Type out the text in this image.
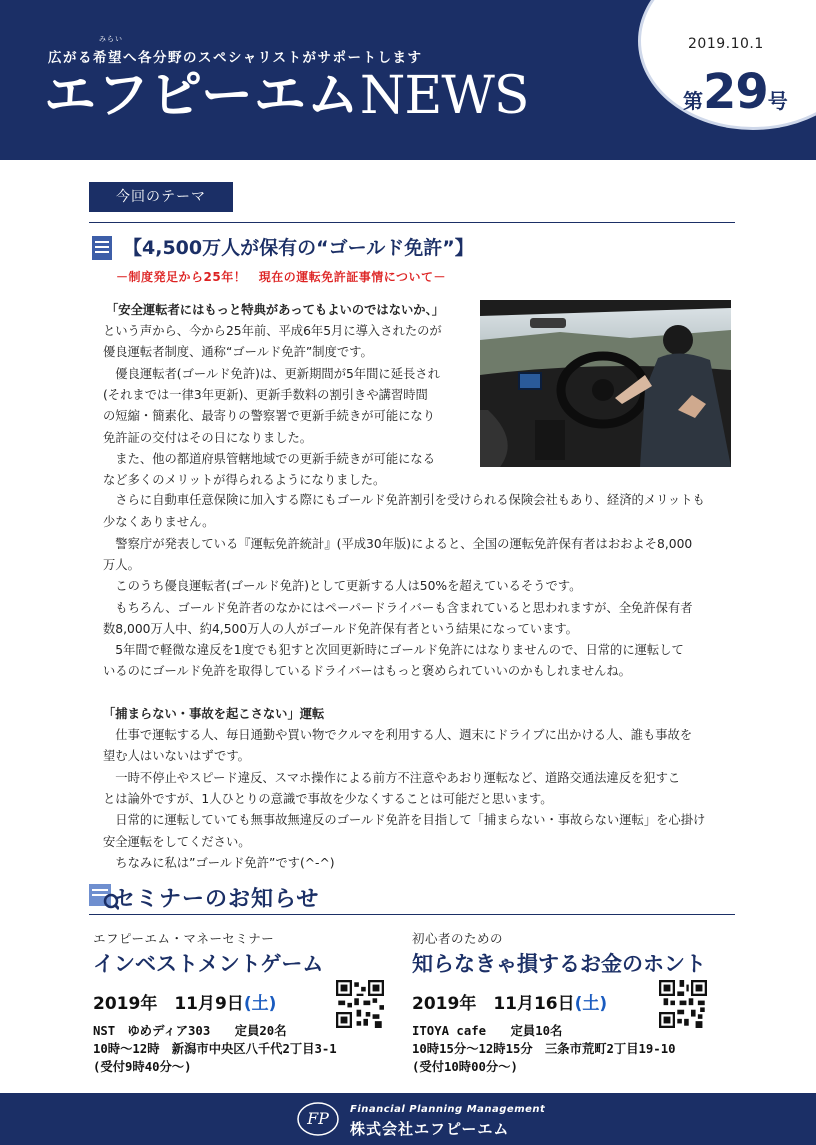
みらい
広がる希望へ各分野のスペシャリストがサポートします
エフピーエムNEWS
2019.10.1
第29号
今回のテーマ
【4,500万人が保有の“ゴールド免許”】
－制度発足から25年！　現在の運転免許証事情について－
「安全運転者にはもっと特典があってもよいのではないか、」
という声から、今から25年前、平成6年5月に導入されたのが
優良運転者制度、通称“ゴールド免許”制度です。
　優良運転者(ゴールド免許)は、更新期間が5年間に延長され
(それまでは一律3年更新)、更新手数料の割引きや講習時間
の短縮・簡素化、最寄りの警察署で更新手続きが可能になり
免許証の交付はその日になりました。
　また、他の都道府県管轄地域での更新手続きが可能になる
など多くのメリットが得られるようになりました。
　さらに自動車任意保険に加入する際にもゴールド免許割引を受けられる保険会社もあり、経済的メリットも
少なくありません。
　警察庁が発表している『運転免許統計』(平成30年版)によると、全国の運転免許保有者はおおよそ8,000
万人。
　このうち優良運転者(ゴールド免許)として更新する人は50%を超えているそうです。
　もちろん、ゴールド免許者のなかにはペーパードライバーも含まれていると思われますが、全免許保有者
数8,000万人中、約4,500万人の人がゴールド免許保有者という結果になっています。
　5年間で軽微な違反を1度でも犯すと次回更新時にゴールド免許にはなりませんので、日常的に運転して
いるのにゴールド免許を取得しているドライバーはもっと褒められていいのかもしれませんね。
「捕まらない・事故を起こさない」運転
　仕事で運転する人、毎日通勤や買い物でクルマを利用する人、週末にドライブに出かける人、誰も事故を
望む人はいないはずです。
　一時不停止やスピード違反、スマホ操作による前方不注意やあおり運転など、道路交通法違反を犯すこ
とは論外ですが、1人ひとりの意識で事故を少なくすることは可能だと思います。
　日常的に運転していても無事故無違反のゴールド免許を目指して「捕まらない・事故らない運転」を心掛け
安全運転をしてください。
　ちなみに私は”ゴールド免許”です(^-^)
セミナーのお知らせ
エフピーエム・マネーセミナー
インベストメントゲーム
2019年　11月9日(土)
NST　ゆめディア303　　定員20名
10時～12時　新潟市中央区八千代2丁目3-1
(受付9時40分～)
初心者のための
知らなきゃ損するお金のホント
2019年　11月16日(土)
ITOYA cafe　　定員10名
10時15分～12時15分　三条市荒町2丁目19-10
(受付10時00分～)
FP Financial Planning Management
株式会社エフピーエム
